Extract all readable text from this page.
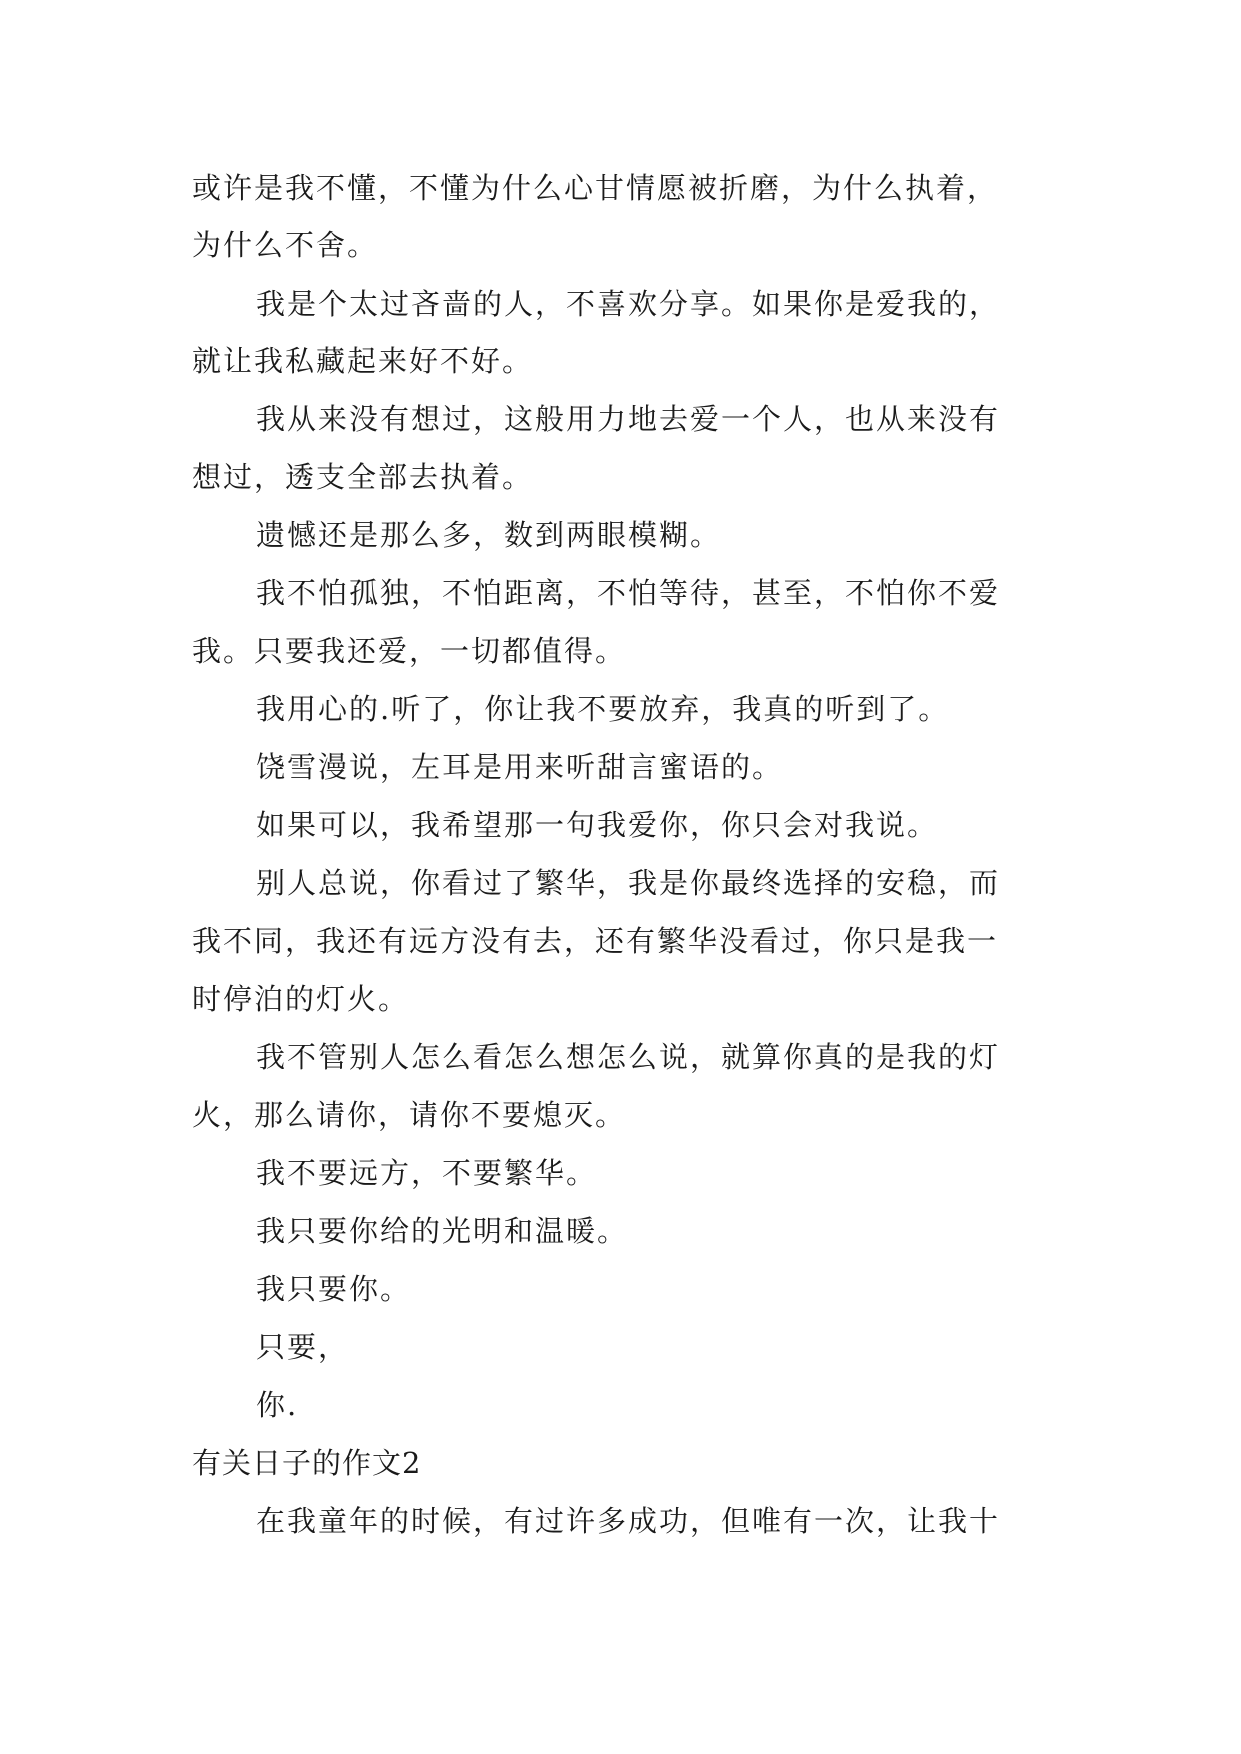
或许是我不懂，不懂为什么心甘情愿被折磨，为什么执着，
为什么不舍。
我是个太过吝啬的人，不喜欢分享。如果你是爱我的，
就让我私藏起来好不好。
我从来没有想过，这般用力地去爱一个人，也从来没有
想过，透支全部去执着。
遗憾还是那么多，数到两眼模糊。
我不怕孤独，不怕距离，不怕等待，甚至，不怕你不爱
我。只要我还爱，一切都值得。
我用心的.听了，你让我不要放弃，我真的听到了。
饶雪漫说，左耳是用来听甜言蜜语的。
如果可以，我希望那一句我爱你，你只会对我说。
别人总说，你看过了繁华，我是你最终选择的安稳，而
我不同，我还有远方没有去，还有繁华没看过，你只是我一
时停泊的灯火。
我不管别人怎么看怎么想怎么说，就算你真的是我的灯
火，那么请你，请你不要熄灭。
我不要远方，不要繁华。
我只要你给的光明和温暖。
我只要你。
只要，
你.
有关日子的作文2
在我童年的时候，有过许多成功，但唯有一次，让我十
